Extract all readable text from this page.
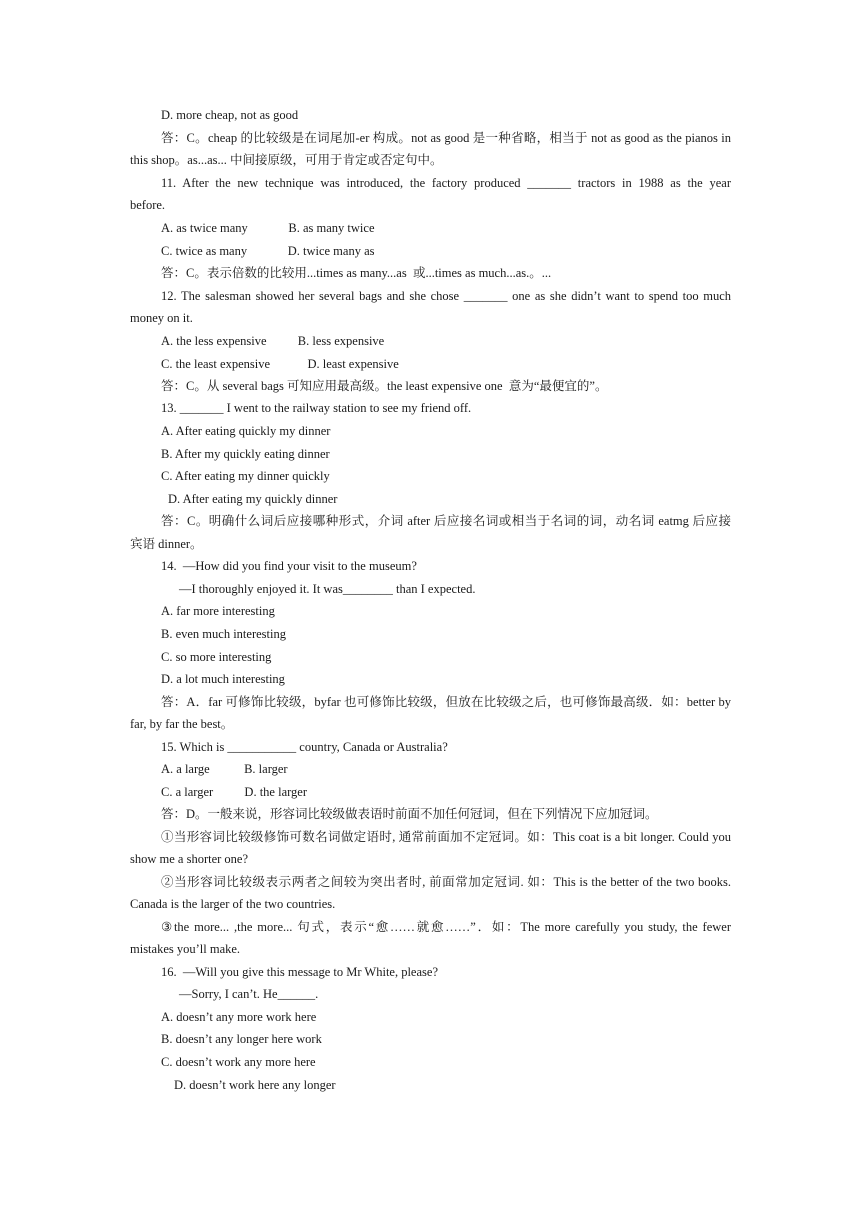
D. more cheap, not as good
答：C。cheap 的比较级是在词尾加-er 构成。not as good 是一种省略，相当于 not as good as the pianos in
this shop。as...as... 中间接原级，可用于肯定或否定句中。
11. After the new technique was introduced, the factory produced _______ tractors in 1988 as the year
before.
A. as twice many             B. as many twice
C. twice as many             D. twice many as
答：C。表示倍数的比较用...times as many...as  或...times as much...as.。...
12. The salesman showed her several bags and she chose _______ one as she didn’t want to spend too much
money on it.
A. the less expensive          B. less expensive
C. the least expensive            D. least expensive
答：C。从 several bags 可知应用最高级。the least expensive one  意为“最便宜的”。
13. _______ I went to the railway station to see my friend off.
A. After eating quickly my dinner
B. After my quickly eating dinner
C. After eating my dinner quickly
D. After eating my quickly dinner
答：C。明确什么词后应接哪种形式，介词 after 后应接名词或相当于名词的词，动名词 eatmg 后应接
宾语 dinner。
14.  —How did you find your visit to the museum?
—I thoroughly enjoyed it. It was________ than I expected.
A. far more interesting
B. even much interesting
C. so more interesting
D. a lot much interesting
答：A．far 可修饰比较级，byfar 也可修饰比较级，但放在比较级之后，也可修饰最高级．如：better by
far, by far the best。
15. Which is ___________ country, Canada or Australia?
A. a large           B. larger
C. a larger          D. the larger
答：D。一般来说，形容词比较级做表语时前面不加任何冠词，但在下列情况下应加冠词。
①当形容词比较级修饰可数名词做定语时, 通常前面加不定冠词。如：This coat is a bit longer. Could you
show me a shorter one?
②当形容词比较级表示两者之间较为突出者时, 前面常加定冠词. 如：This is the better of the two books.
Canada is the larger of the two countries.
③the more... ,the more... 句式，表示“愈……就愈……”．如：The more carefully you study, the fewer
mistakes you’ll make.
16.  —Will you give this message to Mr White, please?
—Sorry, I can’t. He______.
A. doesn’t any more work here
B. doesn’t any longer here work
C. doesn’t work any more here
D. doesn’t work here any longer
